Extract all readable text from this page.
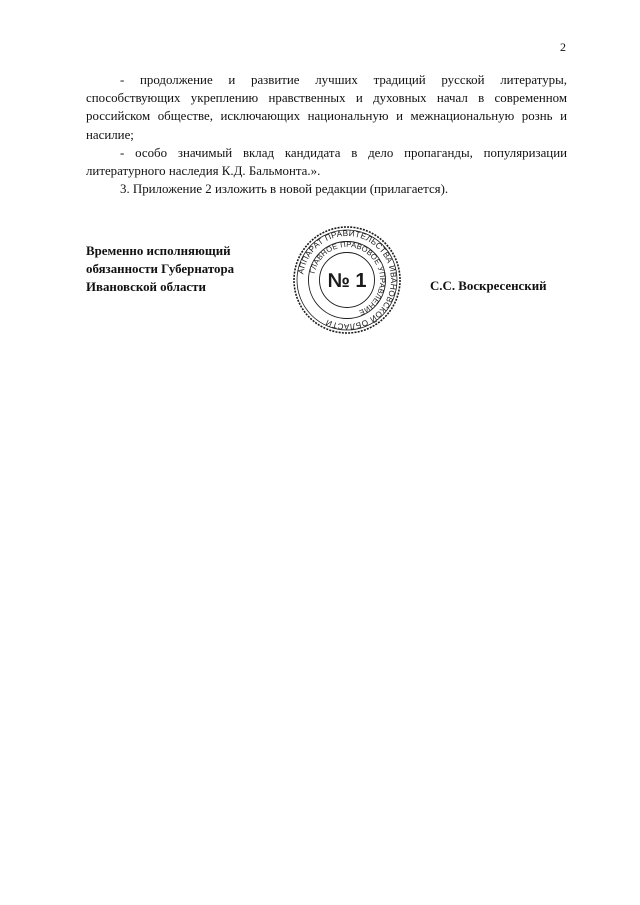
2

- продолжение и развитие лучших традиций русской литературы, способствующих укреплению нравственных и духовных начал в современном российском обществе, исключающих национальную и межнациональную рознь и насилие;

- особо значимый вклад кандидата в дело пропаганды, популяризации литературного наследия К.Д. Бальмонта.».

3. Приложение 2 изложить в новой редакции (прилагается).

Временно исполняющий
обязанности Губернатора
Ивановской области
АППАРАТ ПРАВИТЕЛЬСТВА ИВАНОВСКОЙ ОБЛАСТИ
ГЛАВНОЕ ПРАВОВОЕ УПРАВЛЕНИЕ
№ 1	С.С. Воскресенский
